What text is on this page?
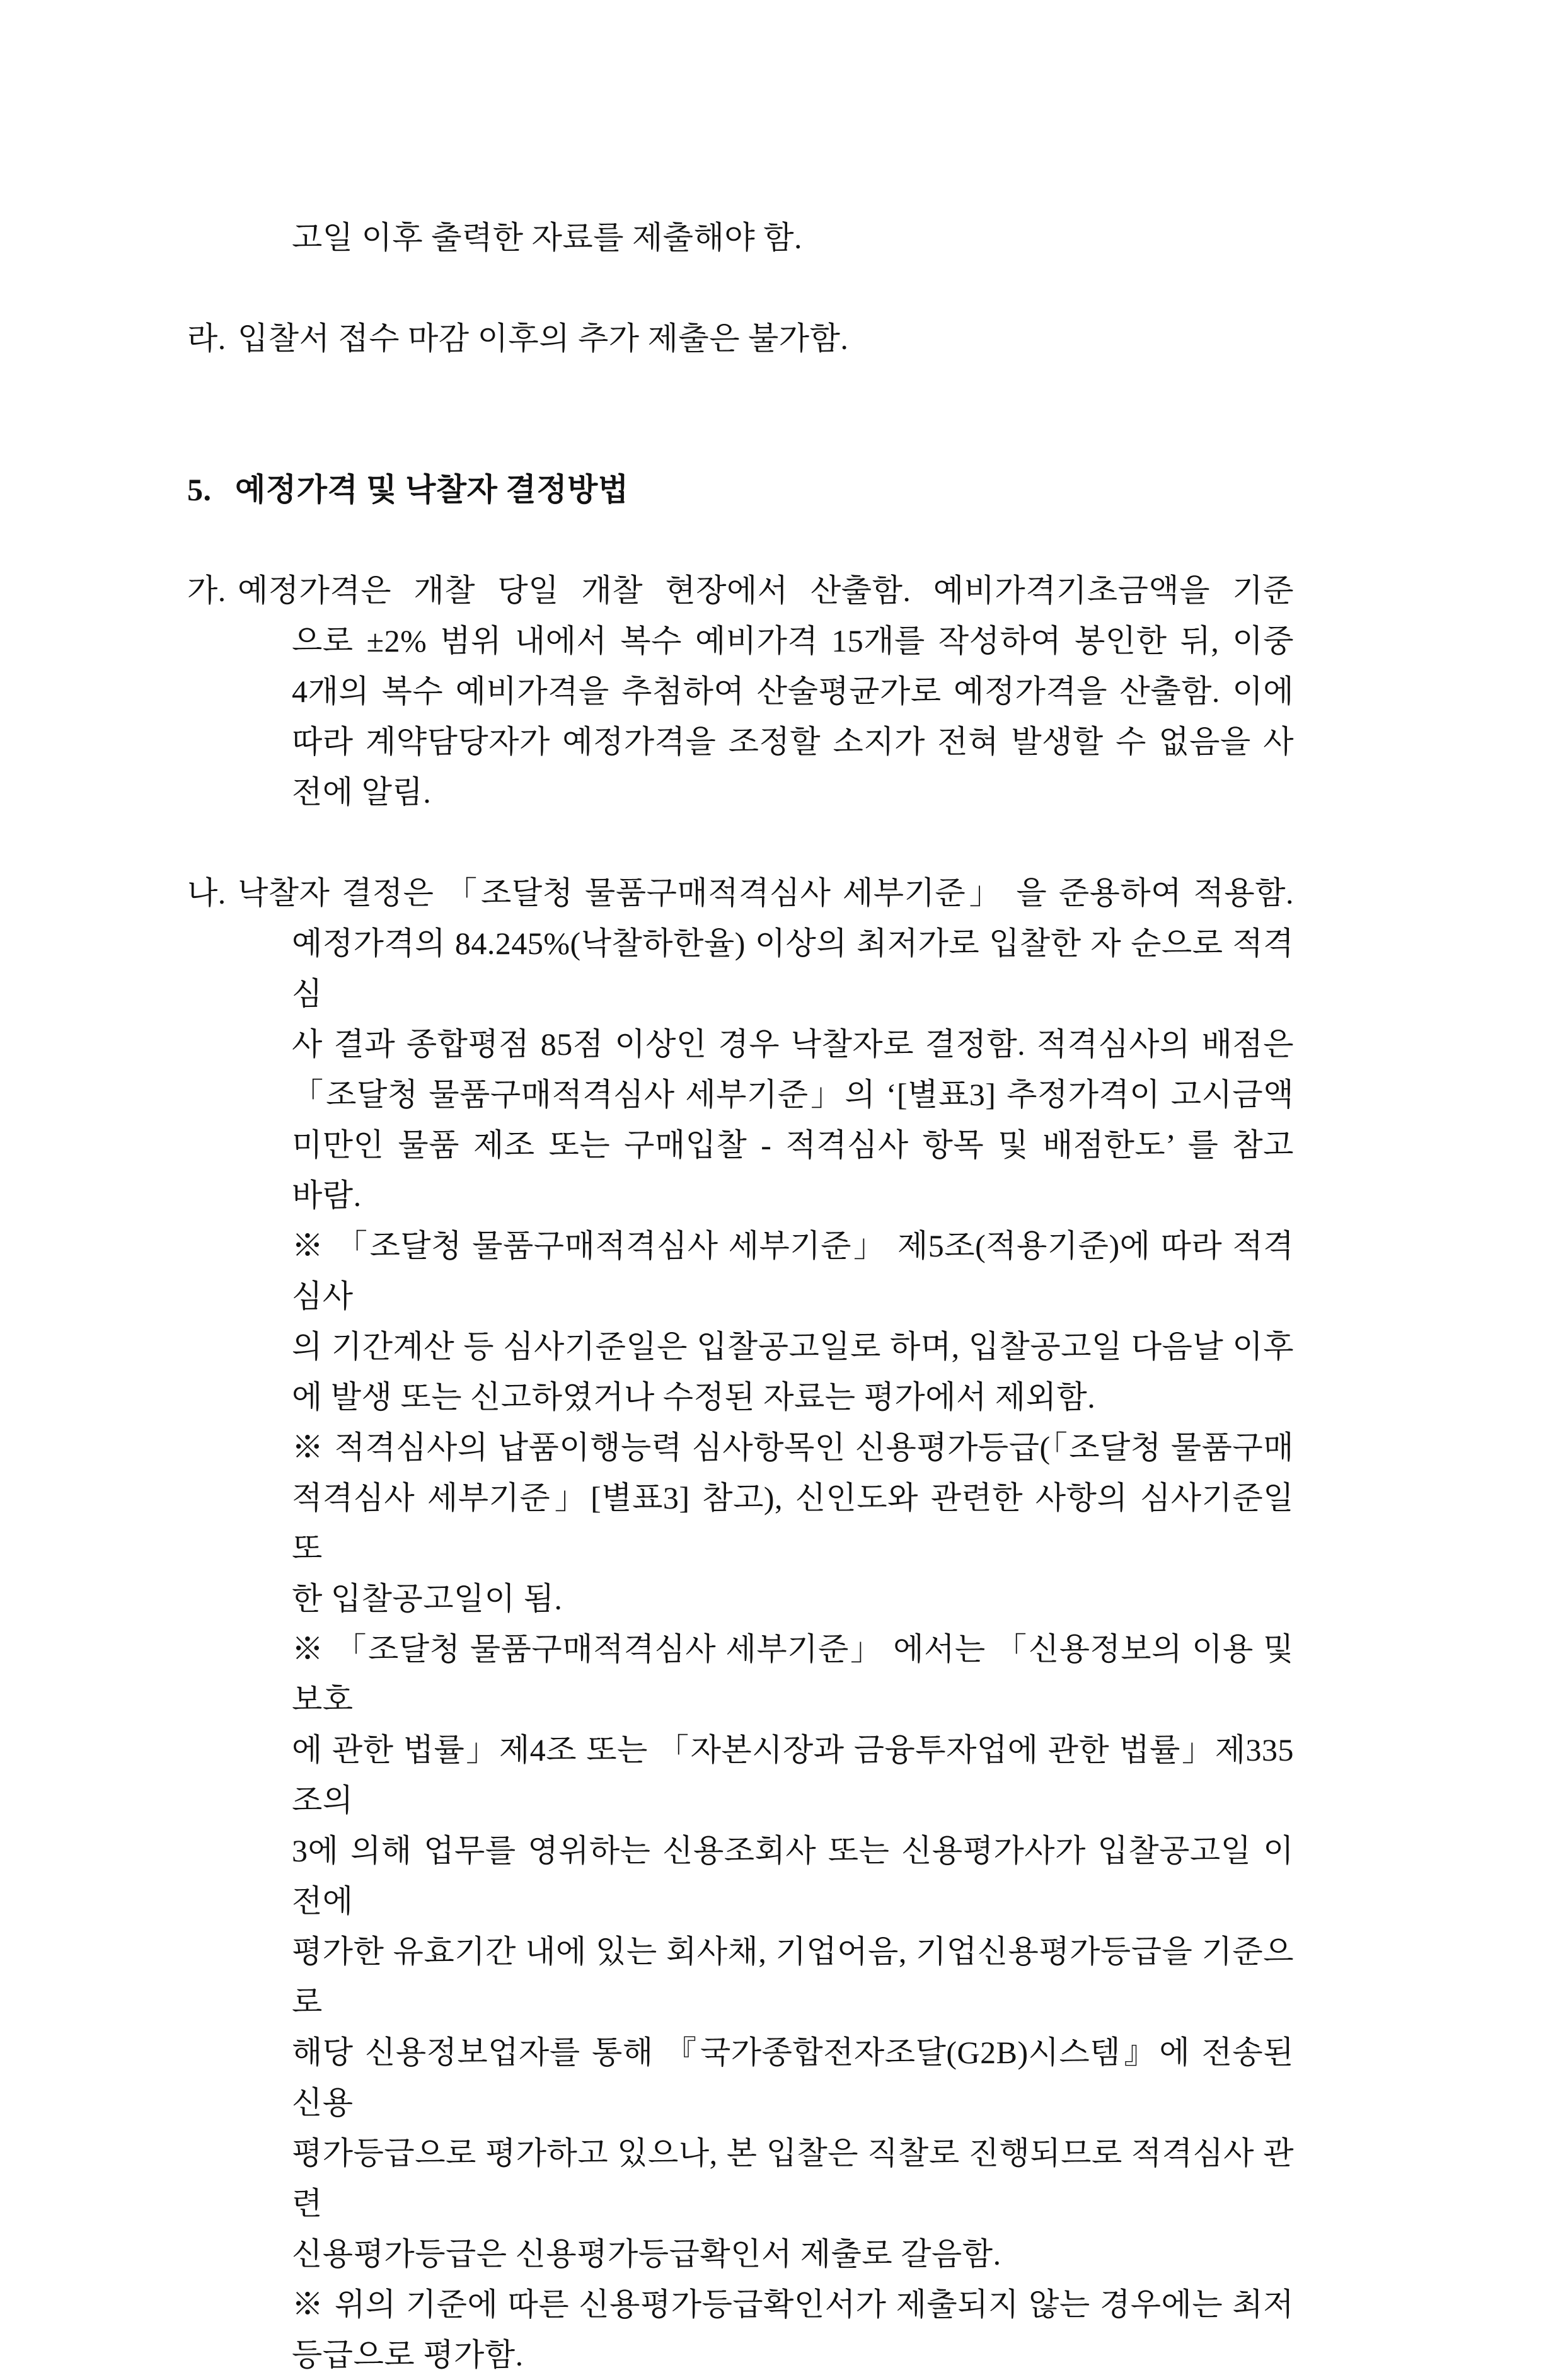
고일 이후 출력한 자료를 제출해야 함.
라. 입찰서 접수 마감 이후의 추가 제출은 불가함.
5. 예정가격 및 낙찰자 결정방법
가. 예정가격은 개찰 당일 개찰 현장에서 산출함. 예비가격기초금액을 기준
으로 ±2% 범위 내에서 복수 예비가격 15개를 작성하여 봉인한 뒤, 이중
4개의 복수 예비가격을 추첨하여 산술평균가로 예정가격을 산출함. 이에
따라 계약담당자가 예정가격을 조정할 소지가 전혀 발생할 수 없음을 사
전에 알림.
나. 낙찰자 결정은 「조달청 물품구매적격심사 세부기준」 을 준용하여 적용함.
예정가격의 84.245%(낙찰하한율) 이상의 최저가로 입찰한 자 순으로 적격심
사 결과 종합평점 85점 이상인 경우 낙찰자로 결정함. 적격심사의 배점은
「조달청 물품구매적격심사 세부기준」의 ‘[별표3] 추정가격이 고시금액
미만인 물품 제조 또는 구매입찰 - 적격심사 항목 및 배점한도’ 를 참고
바람.
※ 「조달청 물품구매적격심사 세부기준」 제5조(적용기준)에 따라 적격심사
의 기간계산 등 심사기준일은 입찰공고일로 하며, 입찰공고일 다음날 이후
에 발생 또는 신고하였거나 수정된 자료는 평가에서 제외함.
※ 적격심사의 납품이행능력 심사항목인 신용평가등급(「조달청 물품구매
적격심사 세부기준」[별표3] 참고), 신인도와 관련한 사항의 심사기준일 또
한 입찰공고일이 됨.
※ 「조달청 물품구매적격심사 세부기준」 에서는 「신용정보의 이용 및 보호
에 관한 법률」제4조 또는 「자본시장과 금융투자업에 관한 법률」제335조의
3에 의해 업무를 영위하는 신용조회사 또는 신용평가사가 입찰공고일 이전에
평가한 유효기간 내에 있는 회사채, 기업어음, 기업신용평가등급을 기준으로
해당 신용정보업자를 통해 『국가종합전자조달(G2B)시스템』에 전송된 신용
평가등급으로 평가하고 있으나, 본 입찰은 직찰로 진행되므로 적격심사 관련
신용평가등급은 신용평가등급확인서 제출로 갈음함.
※ 위의 기준에 따른 신용평가등급확인서가 제출되지 않는 경우에는 최저
등급으로 평가함.
